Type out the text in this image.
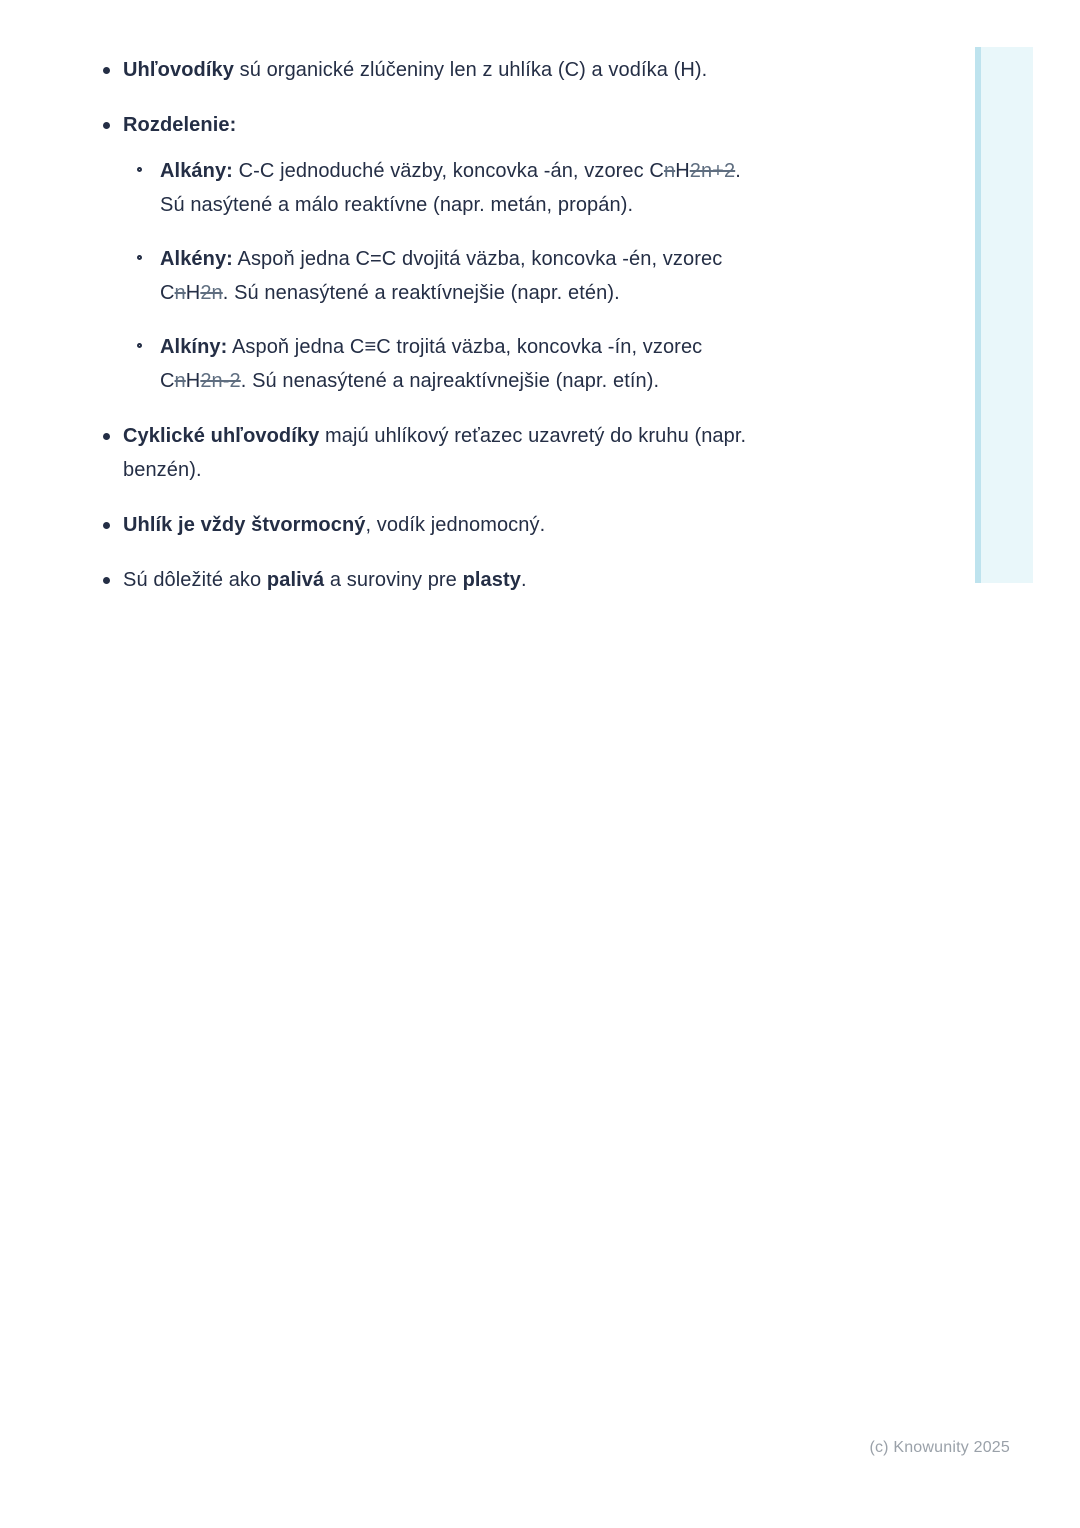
Uhľovodíky sú organické zlúčeniny len z uhlíka (C) a vodíka (H).
Rozdelenie:
Alkány: C-C jednoduché väzby, koncovka -án, vzorec CnH2n+2.
Sú nasýtené a málo reaktívne (napr. metán, propán).
Alkény: Aspoň jedna C=C dvojitá väzba, koncovka -én, vzorec
CnH2n. Sú nenasýtené a reaktívnejšie (napr. etén).
Alkíny: Aspoň jedna C≡C trojitá väzba, koncovka -ín, vzorec
CnH2n-2. Sú nenasýtené a najreaktívnejšie (napr. etín).
Cyklické uhľovodíky majú uhlíkový reťazec uzavretý do kruhu (napr.
benzén).
Uhlík je vždy štvormocný, vodík jednomocný.
Sú dôležité ako palivá a suroviny pre plasty.
(c) Knowunity 2025
